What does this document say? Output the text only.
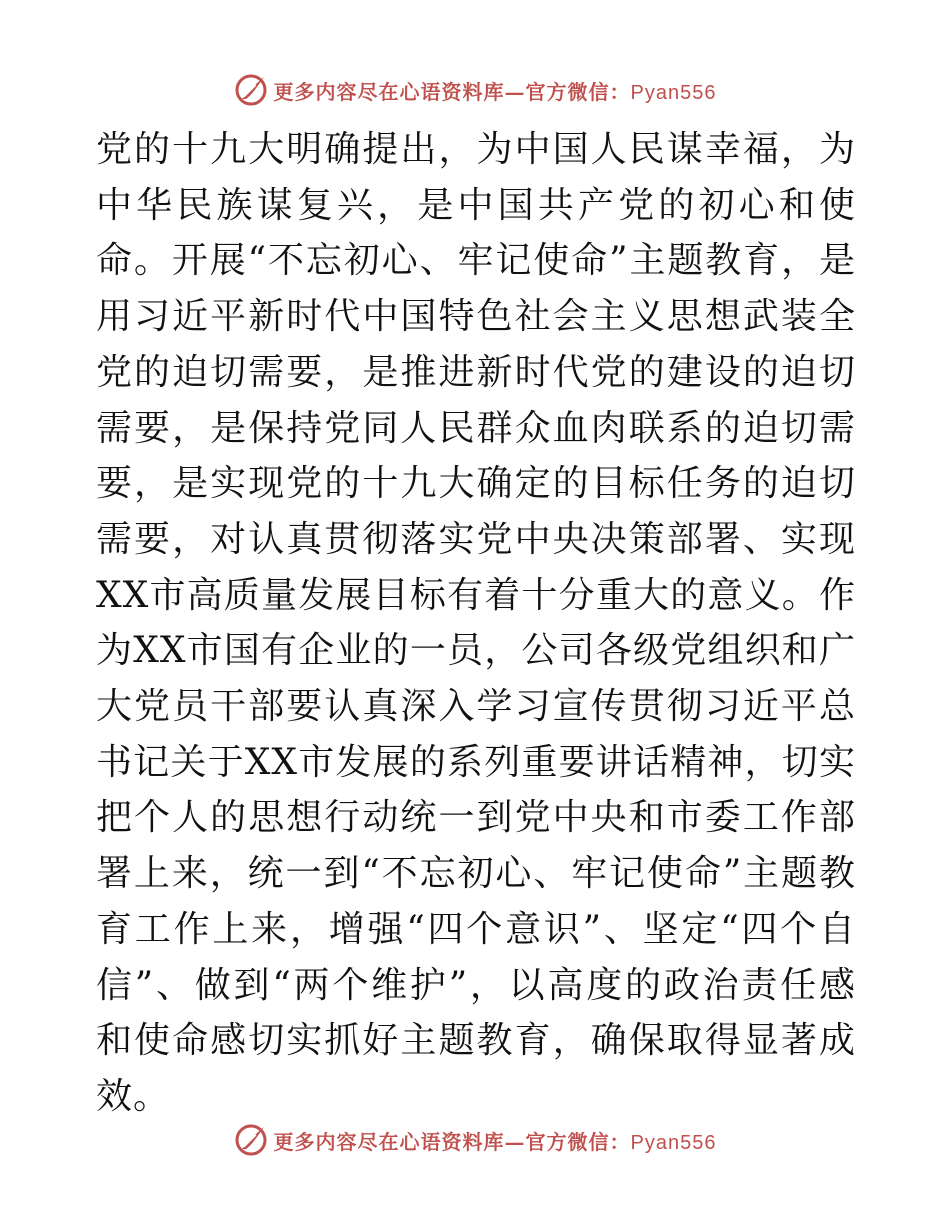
更多内容尽在心语资料库—官方微信：Pyan556

党的十九大明确提出，为中国人民谋幸福，为中华民族谋复兴，是中国共产党的初心和使命。开展“不忘初心、牢记使命”主题教育，是用习近平新时代中国特色社会主义思想武装全党的迫切需要，是推进新时代党的建设的迫切需要，是保持党同人民群众血肉联系的迫切需要，是实现党的十九大确定的目标任务的迫切需要，对认真贯彻落实党中央决策部署、实现XX市高质量发展目标有着十分重大的意义。作为XX市国有企业的一员，公司各级党组织和广大党员干部要认真深入学习宣传贯彻习近平总书记关于XX市发展的系列重要讲话精神，切实把个人的思想行动统一到党中央和市委工作部署上来，统一到“不忘初心、牢记使命”主题教育工作上来，增强“四个意识”、坚定“四个自信”、做到“两个维护”，以高度的政治责任感和使命感切实抓好主题教育，确保取得显著成效。

更多内容尽在心语资料库—官方微信：Pyan556
